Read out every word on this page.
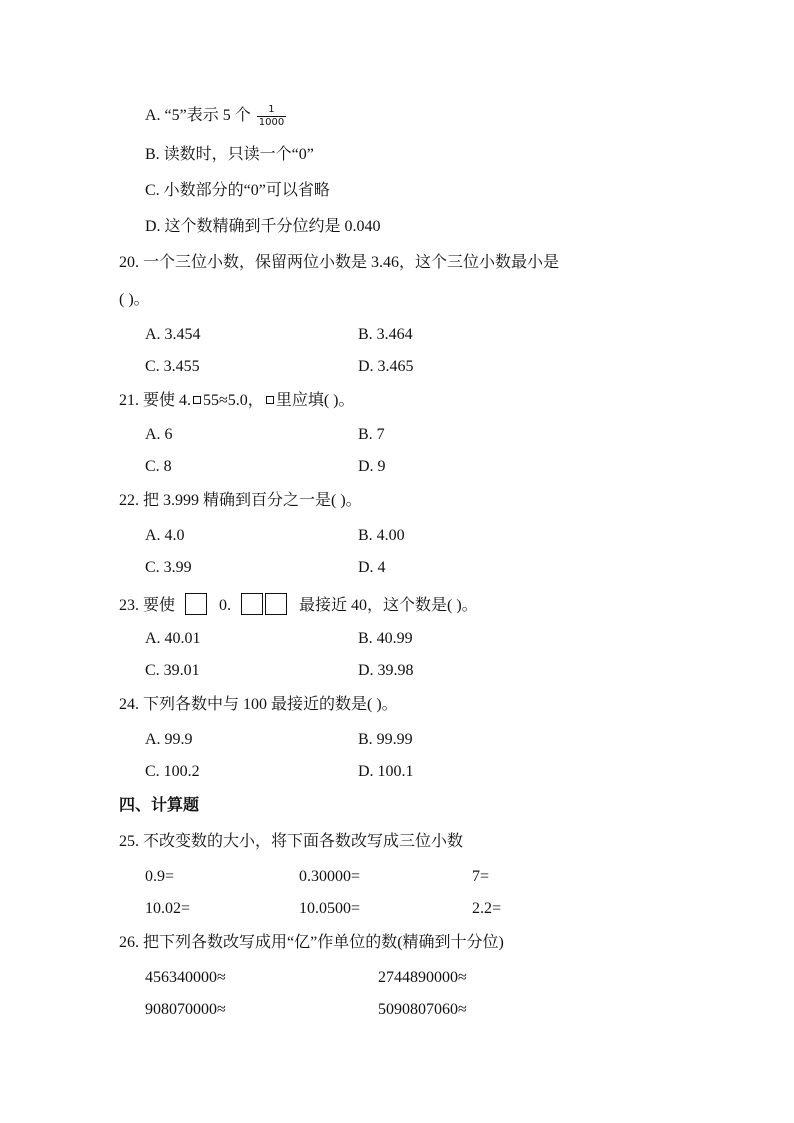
A. “5”表示 5 个 $\frac{1}{1000}$
B. 读数时，只读一个“0”
C. 小数部分的“0”可以省略
D. 这个数精确到千分位约是 0.040
20. 一个三位小数，保留两位小数是 3.46，这个三位小数最小是
( )。
A. 3.454	B. 3.464
C. 3.455	D. 3.465
21. 要使 4. 55≈5.0， 里应填( )。
A. 6	B. 7
C. 8	D. 9
22. 把 3.999 精确到百分之一是( )。
A. 4.0	B. 4.00
C. 3.99	D. 4
23. 要使	0.	最接近 40，这个数是( )。
A. 40.01	B. 40.99
C. 39.01	D. 39.98
24. 下列各数中与 100 最接近的数是( )。
A. 99.9	B. 99.99
C. 100.2	D. 100.1
四、计算题
25. 不改变数的大小，将下面各数改写成三位小数
0.9=	0.30000=	7=
10.02=	10.0500=	2.2=
26. 把下列各数改写成用“亿”作单位的数(精确到十分位)
456340000≈	2744890000≈
908070000≈	5090807060≈
